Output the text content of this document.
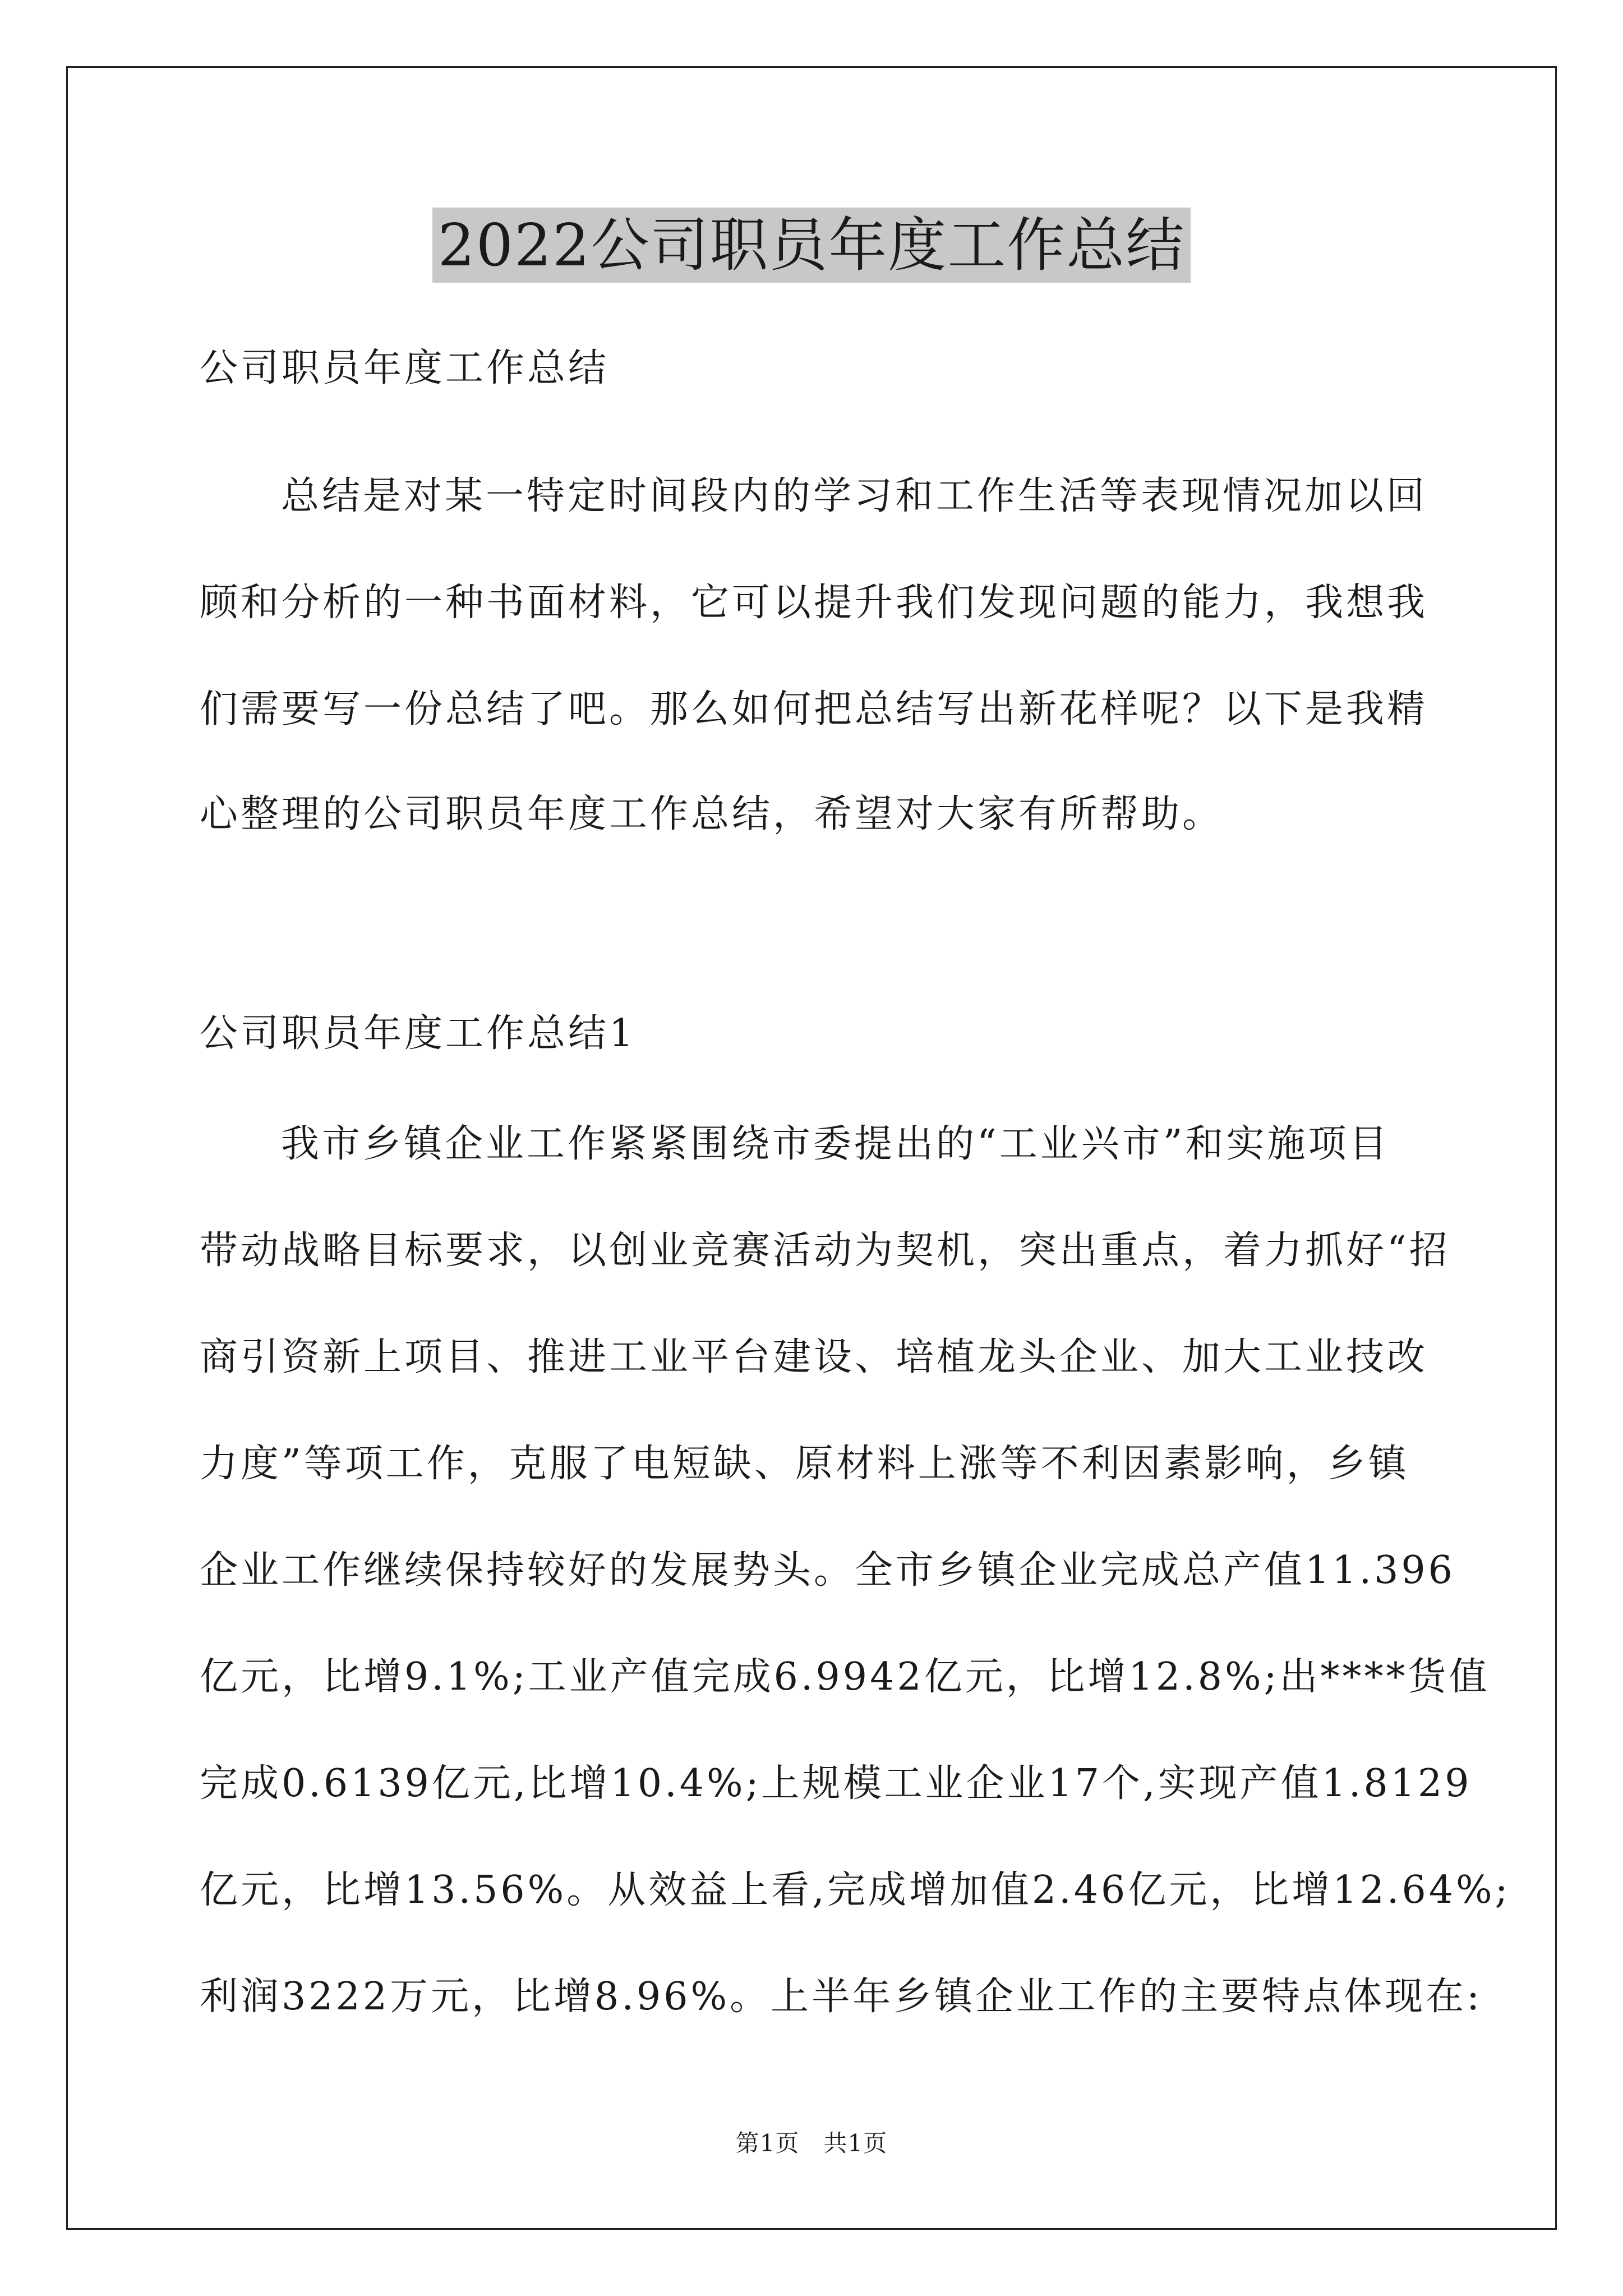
2022公司职员年度工作总结
公司职员年度工作总结
总结是对某一特定时间段内的学习和工作生活等表现情况加以回
顾和分析的一种书面材料，它可以提升我们发现问题的能力，我想我
们需要写一份总结了吧。那么如何把总结写出新花样呢？以下是我精
心整理的公司职员年度工作总结，希望对大家有所帮助。
公司职员年度工作总结1
我市乡镇企业工作紧紧围绕市委提出的“工业兴市”和实施项目
带动战略目标要求，以创业竞赛活动为契机，突出重点，着力抓好“招
商引资新上项目、推进工业平台建设、培植龙头企业、加大工业技改
力度”等项工作，克服了电短缺、原材料上涨等不利因素影响，乡镇
企业工作继续保持较好的发展势头。全市乡镇企业完成总产值11.396
亿元，比增9.1%;工业产值完成6.9942亿元，比增12.8%;出****货值
完成0.6139亿元,比增10.4%;上规模工业企业17个,实现产值1.8129
亿元，比增13.56%。从效益上看,完成增加值2.46亿元，比增12.64%;
利润3222万元，比增8.96%。上半年乡镇企业工作的主要特点体现在:
第1页　共1页
